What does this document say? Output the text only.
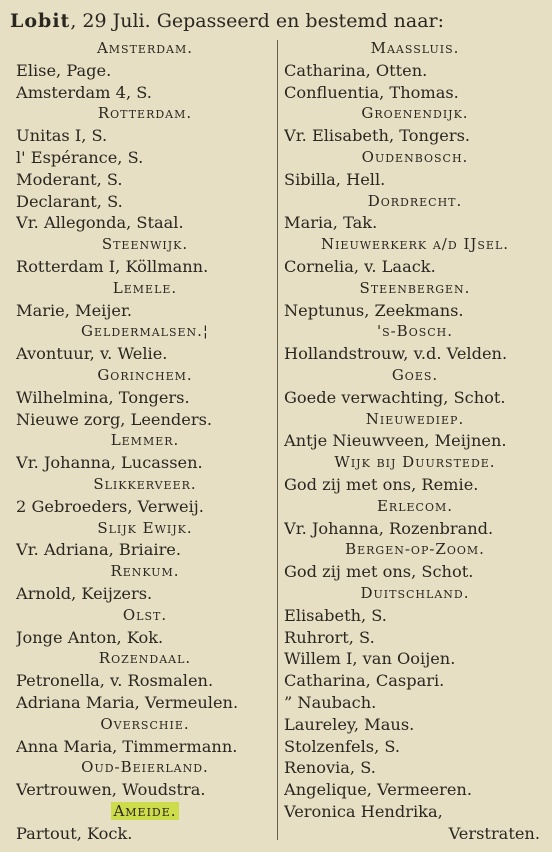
Lobit, 29 Juli. Gepasseerd en bestemd naar:
Amsterdam.
Elise, Page.
Amsterdam 4, S.
Rotterdam.
Unitas I, S.
l' Espérance, S.
Moderant, S.
Declarant, S.
Vr. Allegonda, Staal.
Steenwijk.
Rotterdam I, Köllmann.
Lemele.
Marie, Meijer.
Geldermalsen.¦
Avontuur, v. Welie.
Gorinchem.
Wilhelmina, Tongers.
Nieuwe zorg, Leenders.
Lemmer.
Vr. Johanna, Lucassen.
Slikkerveer.
2 Gebroeders, Verweij.
Slijk Ewijk.
Vr. Adriana, Briaire.
Renkum.
Arnold, Keijzers.
Olst.
Jonge Anton, Kok.
Rozendaal.
Petronella, v. Rosmalen.
Adriana Maria, Vermeulen.
Overschie.
Anna Maria, Timmermann.
Oud-Beierland.
Vertrouwen, Woudstra.
Ameide.
Partout, Kock.
Maassluis.
Catharina, Otten.
Confluentia, Thomas.
Groenendijk.
Vr. Elisabeth, Tongers.
Oudenbosch.
Sibilla, Hell.
Dordrecht.
Maria, Tak.
Nieuwerkerk a/d IJsel.
Cornelia, v. Laack.
Steenbergen.
Neptunus, Zeekmans.
's-Bosch.
Hollandstrouw, v.d. Velden.
Goes.
Goede verwachting, Schot.
Nieuwediep.
Antje Nieuwveen, Meijnen.
Wijk bij Duurstede.
God zij met ons, Remie.
Erlecom.
Vr. Johanna, Rozenbrand.
Bergen-op-Zoom.
God zij met ons, Schot.
Duitschland.
Elisabeth, S.
Ruhrort, S.
Willem I, van Ooijen.
Catharina, Caspari.
” Naubach.
Laureley, Maus.
Stolzenfels, S.
Renovia, S.
Angelique, Vermeeren.
Veronica Hendrika,
Verstraten.
